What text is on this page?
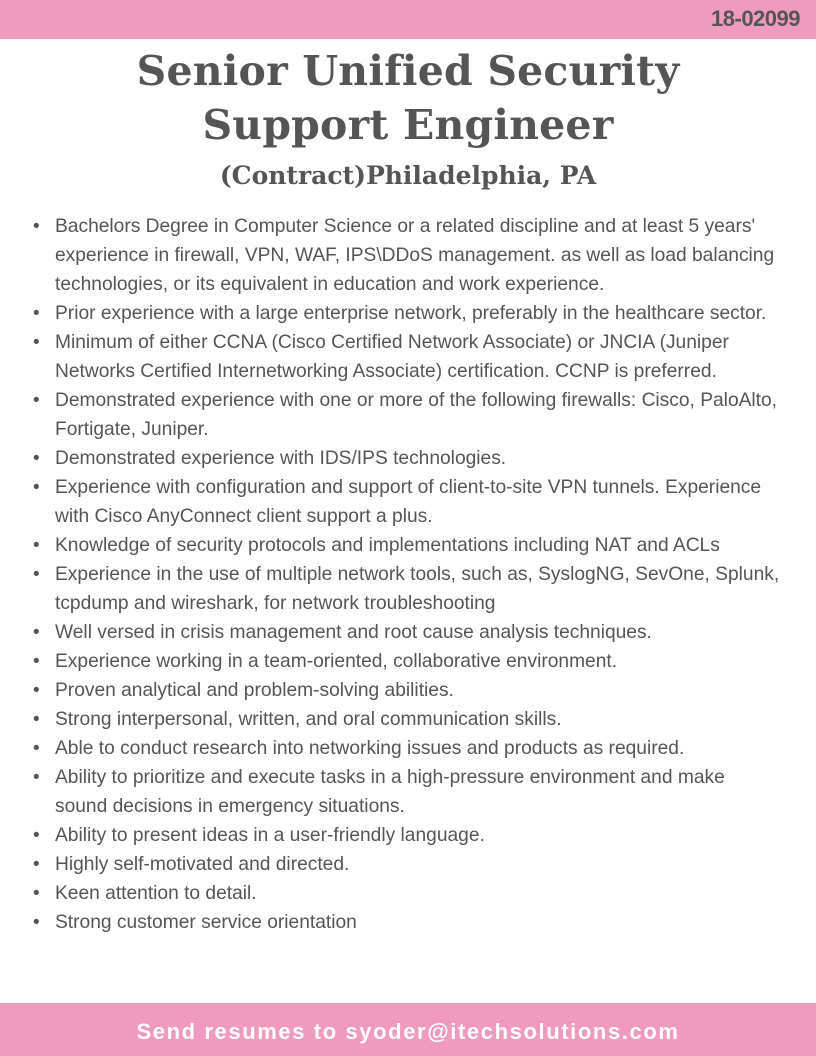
18-02099
Senior Unified Security Support Engineer
(Contract)Philadelphia, PA
• Bachelors Degree in Computer Science or a related discipline and at least 5 years' experience in firewall, VPN, WAF, IPS\DDoS management. as well as load balancing technologies, or its equivalent in education and work experience.
• Prior experience with a large enterprise network, preferably in the healthcare sector.
• Minimum of either CCNA (Cisco Certified Network Associate) or JNCIA (Juniper Networks Certified Internetworking Associate) certification. CCNP is preferred.
• Demonstrated experience with one or more of the following firewalls: Cisco, PaloAlto, Fortigate, Juniper.
• Demonstrated experience with IDS/IPS technologies.
• Experience with configuration and support of client-to-site VPN tunnels. Experience with Cisco AnyConnect client support a plus.
• Knowledge of security protocols and implementations including NAT and ACLs
• Experience in the use of multiple network tools, such as, SyslogNG, SevOne, Splunk, tcpdump and wireshark, for network troubleshooting
• Well versed in crisis management and root cause analysis techniques.
• Experience working in a team-oriented, collaborative environment.
• Proven analytical and problem-solving abilities.
• Strong interpersonal, written, and oral communication skills.
• Able to conduct research into networking issues and products as required.
• Ability to prioritize and execute tasks in a high-pressure environment and make sound decisions in emergency situations.
• Ability to present ideas in a user-friendly language.
• Highly self-motivated and directed.
• Keen attention to detail.
• Strong customer service orientation
Send resumes to syoder@itechsolutions.com
